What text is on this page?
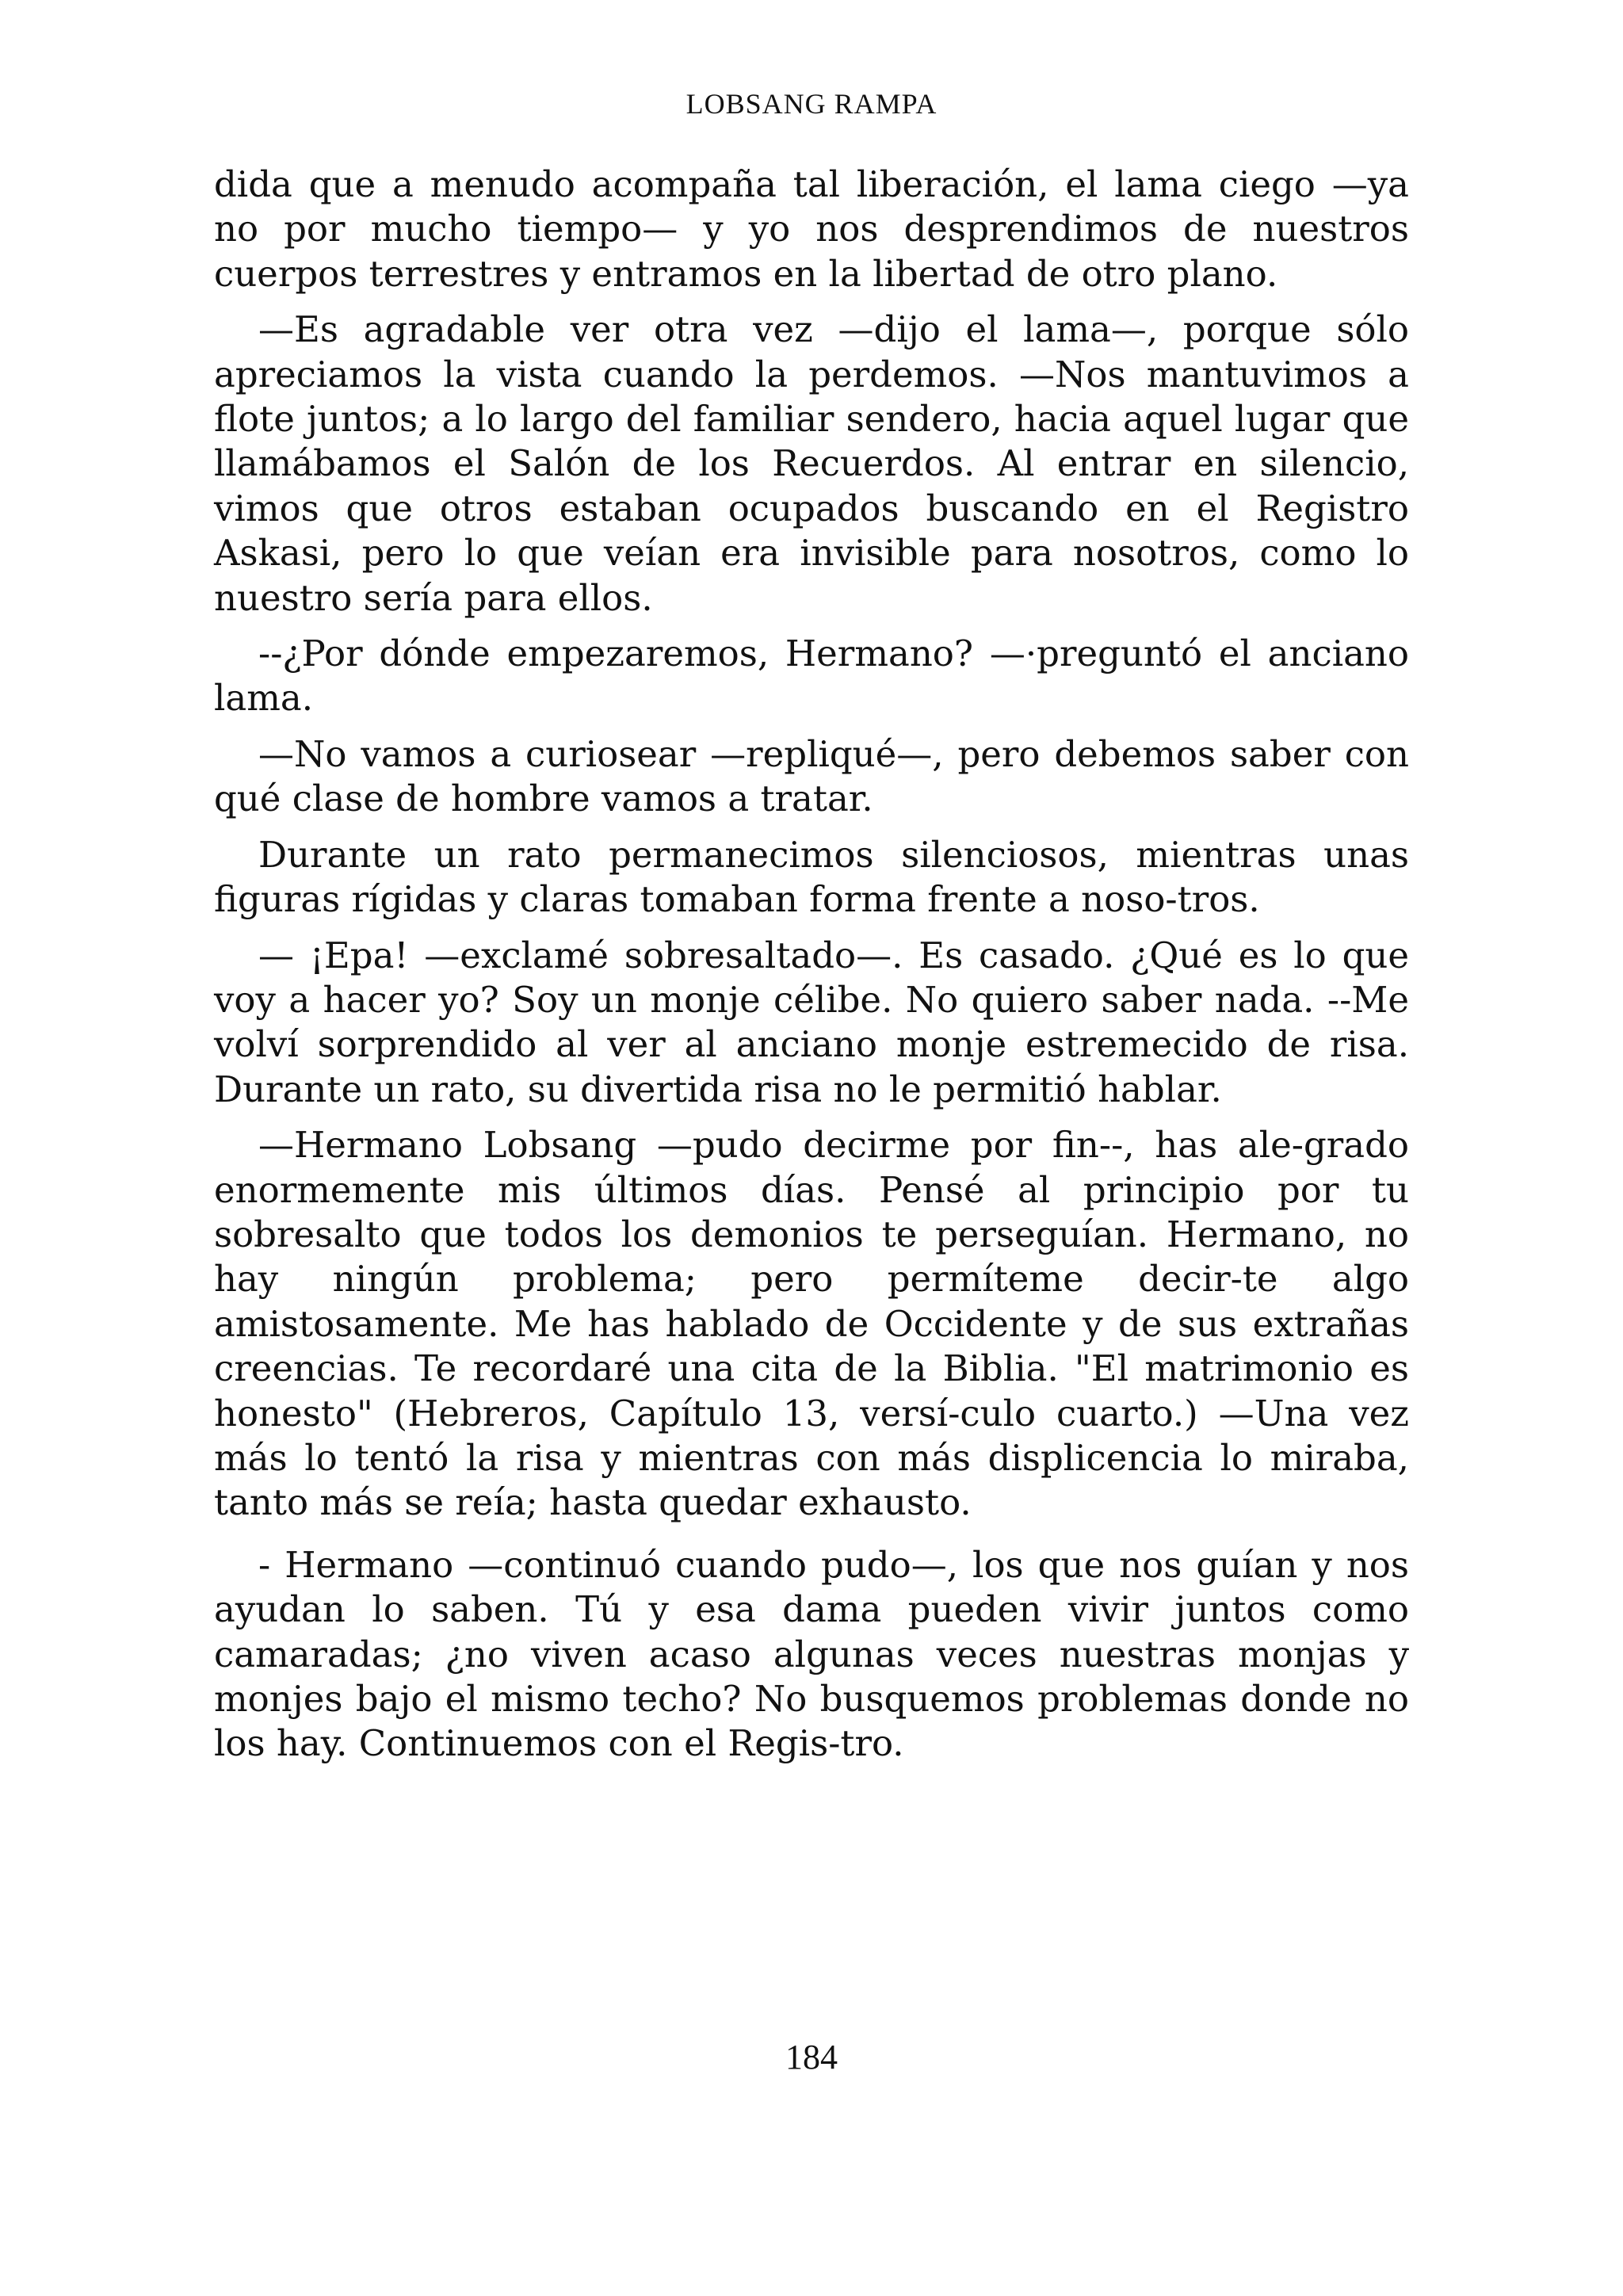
LOBSANG RAMPA

dida que a menudo acompaña tal liberación, el lama ciego —ya no por mucho tiempo— y yo nos desprendimos de nuestros cuerpos terrestres y entramos en la libertad de otro plano.

—Es agradable ver otra vez —dijo el lama—, porque sólo apreciamos la vista cuando la perdemos. —Nos mantuvimos a flote juntos; a lo largo del familiar sendero, hacia aquel lugar que llamábamos el Salón de los Recuerdos. Al entrar en silencio, vimos que otros estaban ocupados buscando en el Registro Askasi, pero lo que veían era invisible para nosotros, como lo nuestro sería para ellos.

--¿Por dónde empezaremos, Hermano? —·preguntó el anciano lama.

—No vamos a curiosear —repliqué—, pero debemos saber con qué clase de hombre vamos a tratar.

Durante un rato permanecimos silenciosos, mientras unas figuras rígidas y claras tomaban forma frente a noso-tros.

— ¡Epa! —exclamé sobresaltado—. Es casado. ¿Qué es lo que voy a hacer yo? Soy un monje célibe. No quiero saber nada. --Me volví sorprendido al ver al anciano monje estremecido de risa. Durante un rato, su divertida risa no le permitió hablar.

—Hermano Lobsang —pudo decirme por fin--, has ale-grado enormemente mis últimos días. Pensé al principio por tu sobresalto que todos los demonios te perseguían. Hermano, no hay ningún problema; pero permíteme decir-te algo amistosamente. Me has hablado de Occidente y de sus extrañas creencias. Te recordaré una cita de la Biblia. "El matrimonio es honesto" (Hebreros, Capítulo 13, versí-culo cuarto.) —Una vez más lo tentó la risa y mientras con más displicencia lo miraba, tanto más se reía; hasta quedar exhausto.

- Hermano —continuó cuando pudo—, los que nos guían y nos ayudan lo saben. Tú y esa dama pueden vivir juntos como camaradas; ¿no viven acaso algunas veces nuestras monjas y monjes bajo el mismo techo? No busquemos problemas donde no los hay. Continuemos con el Regis-tro.

184
